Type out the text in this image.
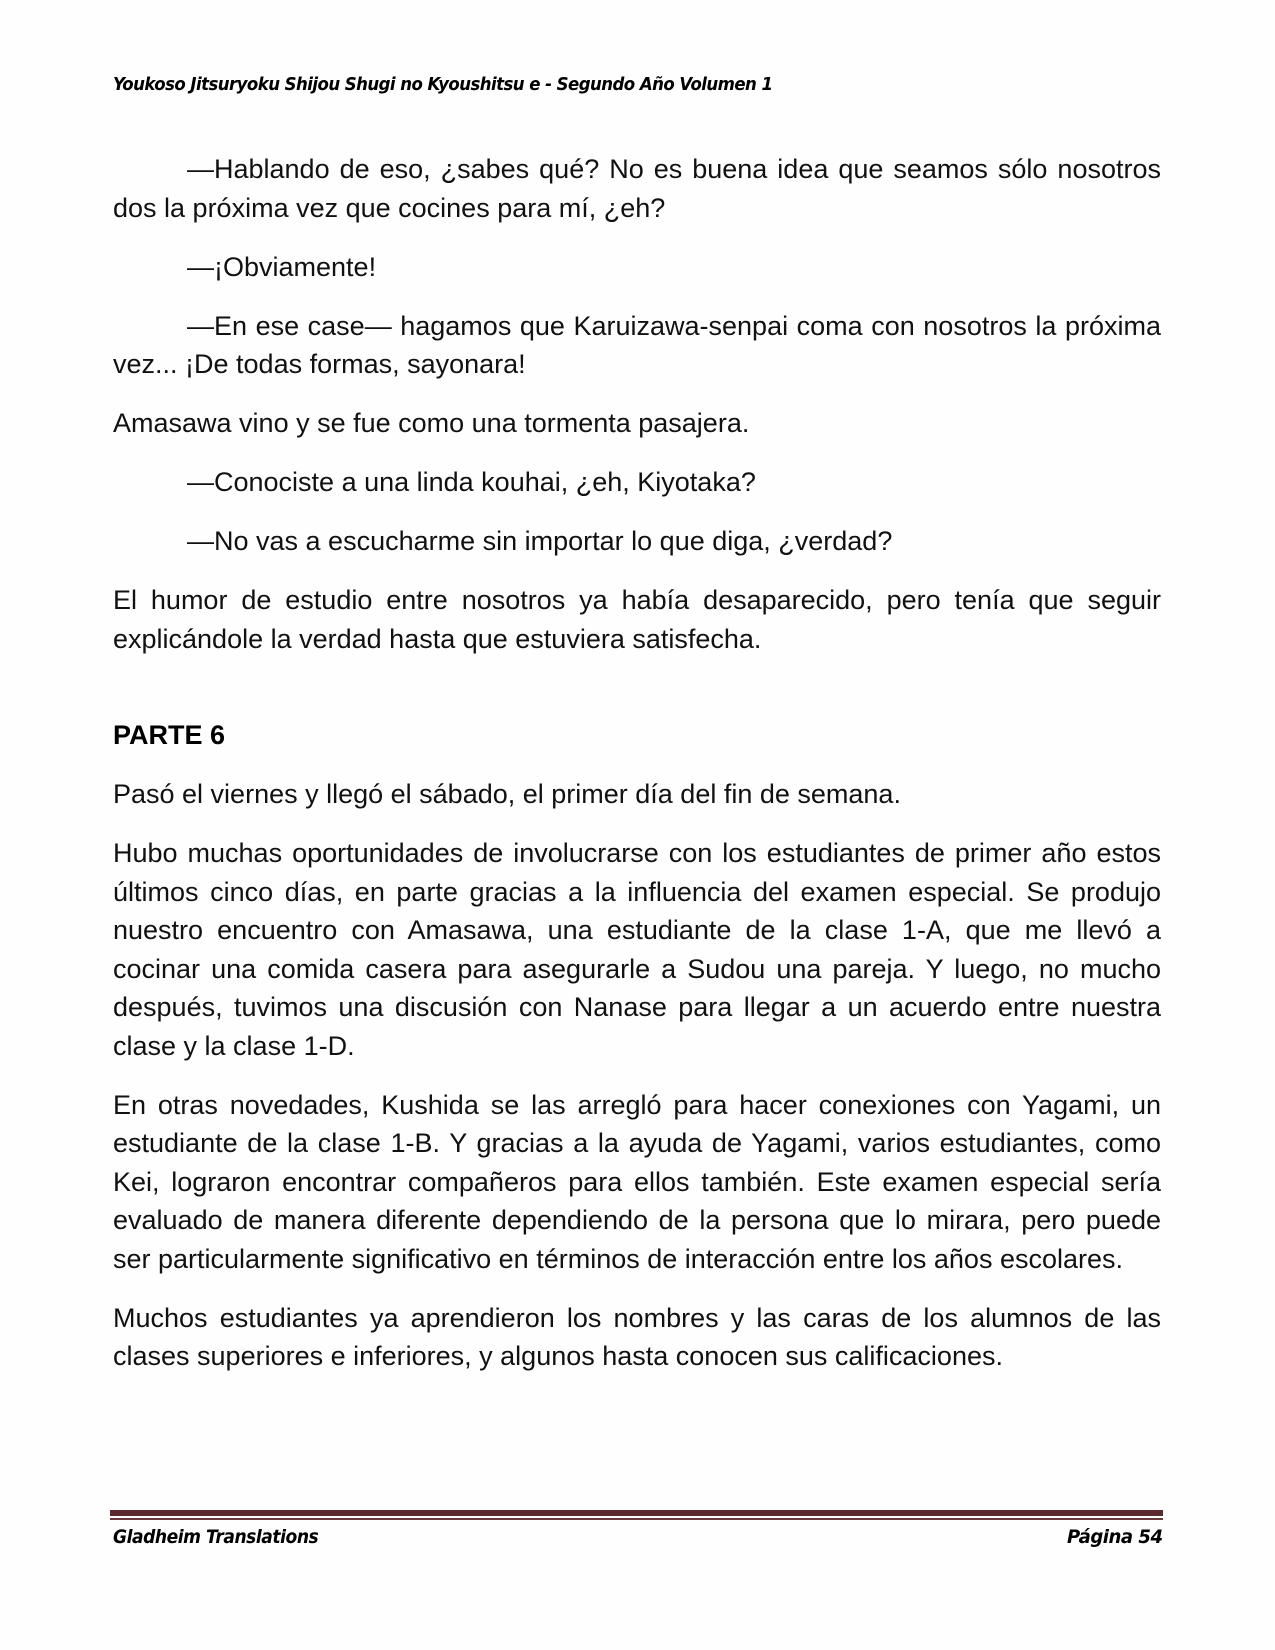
Youkoso Jitsuryoku Shijou Shugi no Kyoushitsu e - Segundo Año Volumen 1

—Hablando de eso, ¿sabes qué? No es buena idea que seamos sólo nosotros dos la próxima vez que cocines para mí, ¿eh?

—¡Obviamente!

—En ese case— hagamos que Karuizawa-senpai coma con nosotros la próxima vez... ¡De todas formas, sayonara!

Amasawa vino y se fue como una tormenta pasajera.

—Conociste a una linda kouhai, ¿eh, Kiyotaka?

—No vas a escucharme sin importar lo que diga, ¿verdad?

El humor de estudio entre nosotros ya había desaparecido, pero tenía que seguir explicándole la verdad hasta que estuviera satisfecha.

PARTE 6

Pasó el viernes y llegó el sábado, el primer día del fin de semana.

Hubo muchas oportunidades de involucrarse con los estudiantes de primer año estos últimos cinco días, en parte gracias a la influencia del examen especial. Se produjo nuestro encuentro con Amasawa, una estudiante de la clase 1-A, que me llevó a cocinar una comida casera para asegurarle a Sudou una pareja. Y luego, no mucho después, tuvimos una discusión con Nanase para llegar a un acuerdo entre nuestra clase y la clase 1-D.

En otras novedades, Kushida se las arregló para hacer conexiones con Yagami, un estudiante de la clase 1-B. Y gracias a la ayuda de Yagami, varios estudiantes, como Kei, lograron encontrar compañeros para ellos también. Este examen especial sería evaluado de manera diferente dependiendo de la persona que lo mirara, pero puede ser particularmente significativo en términos de interacción entre los años escolares.

Muchos estudiantes ya aprendieron los nombres y las caras de los alumnos de las clases superiores e inferiores, y algunos hasta conocen sus calificaciones.

Gladheim Translations	Página 54
